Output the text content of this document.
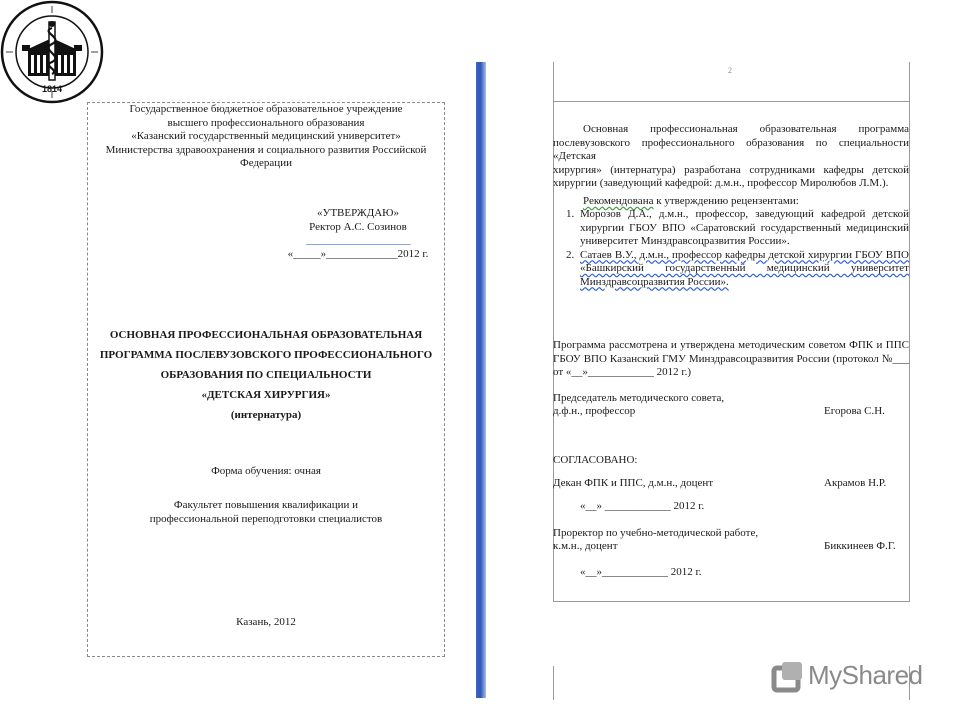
1814
Государственное бюджетное образовательное учреждение
высшего профессионального образования
«Казанский государственный медицинский университет»
Министерства здравоохранения и социального развития Российской
Федерации
«УТВЕРЖДАЮ»
Ректор А.С. Созинов
_______________________
«_____»_____________2012 г.
ОСНОВНАЯ ПРОФЕССИОНАЛЬНАЯ ОБРАЗОВАТЕЛЬНАЯ
ПРОГРАММА ПОСЛЕВУЗОВСКОГО ПРОФЕССИОНАЛЬНОГО
ОБРАЗОВАНИЯ ПО СПЕЦИАЛЬНОСТИ
«ДЕТСКАЯ ХИРУРГИЯ»
(интернатура)
Форма обучения: очная
Факультет повышения квалификации и
профессиональной переподготовки специалистов
Казань, 2012
2
Основная профессиональная образовательная программа
послевузовского профессионального образования по специальности «Детская
хирургия» (интернатура) разработана сотрудниками кафедры детской
хирургии (заведующий кафедрой: д.м.н., профессор Миролюбов Л.М.).
Рекомендована к утверждению рецензентами:
1. Морозов Д.А., д.м.н., профессор, заведующий кафедрой детской
хирургии ГБОУ ВПО «Саратовский государственный медицинский
университет Минздравсоцразвития России».
2. Сатаев В.У., д.м.н., профессор кафедры детской хирургии ГБОУ ВПО
«Башкирский государственный медицинский университет
Минздравсоцразвития России».
Программа рассмотрена и утверждена методическим советом ФПК и ППС
ГБОУ ВПО Казанский ГМУ Минздравсоцразвития России (протокол №___
от «__»____________ 2012 г.)
Председатель методического совета,
д.ф.н., профессор	Егорова С.Н.
СОГЛАСОВАНО:
Декан ФПК и ППС, д.м.н., доцент	Акрамов Н.Р.
«__» ____________ 2012 г.
Проректор по учебно-методической работе,
к.м.н., доцент	Биккинеев Ф.Г.
«__»____________ 2012 г.
MyShared
